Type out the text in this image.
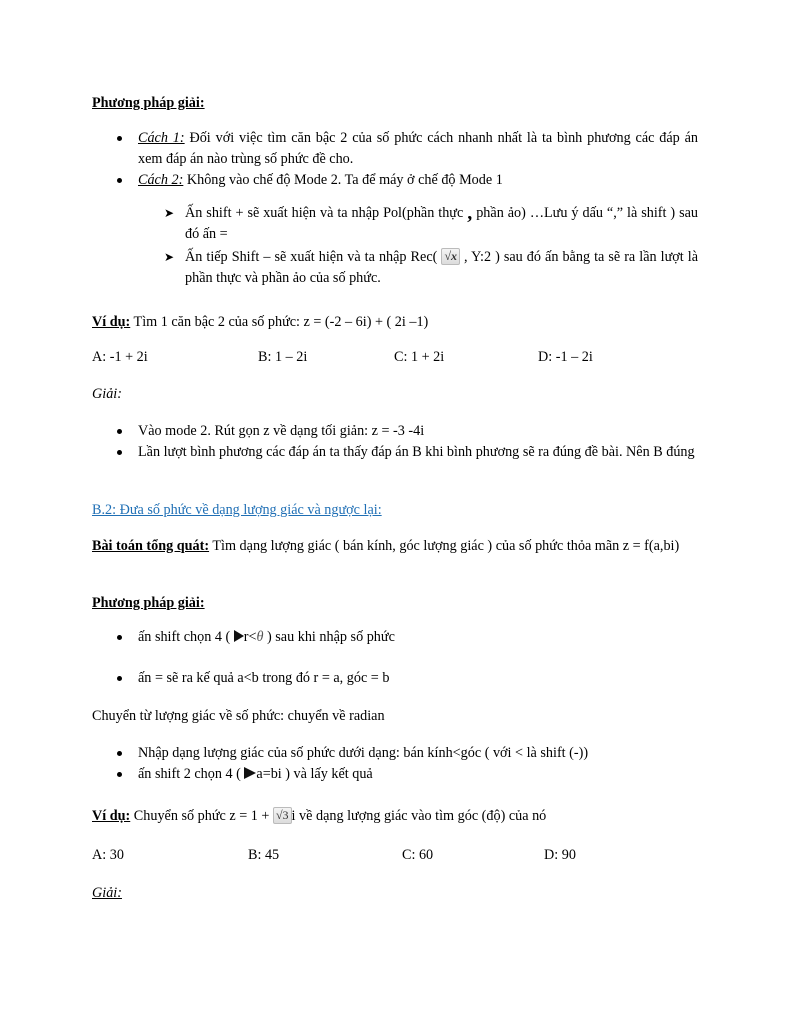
Phương pháp giải:
Cách 1: Đối với việc tìm căn bậc 2 của số phức cách nhanh nhất là ta bình phương các đáp án xem đáp án nào trùng số phức đề cho.
Cách 2: Không vào chế độ Mode 2. Ta để máy ở chế độ Mode 1
➤ Ấn shift + sẽ xuất hiện và ta nhập Pol(phần thực , phần ảo) …Lưu ý dấu “,” là shift ) sau đó ấn =
➤ Ấn tiếp Shift – sẽ xuất hiện và ta nhập Rec( √x , Y:2 ) sau đó ấn bằng ta sẽ ra lần lượt là phần thực và phần ảo của số phức.
Ví dụ: Tìm 1 căn bậc 2 của số phức: z = (-2 – 6i) + ( 2i –1)
A: -1 + 2i	B: 1 – 2i	C: 1 + 2i	D: -1 – 2i
Giải:
Vào mode 2. Rút gọn z về dạng tối giản: z = -3 -4i
Lần lượt bình phương các đáp án ta thấy đáp án B khi bình phương sẽ ra đúng đề bài. Nên B đúng
B.2: Đưa số phức về dạng lượng giác và ngược lại:
Bài toán tổng quát: Tìm dạng lượng giác ( bán kính, góc lượng giác ) của số phức thỏa mãn z = f(a,bi)
Phương pháp giải:
ấn shift chọn 4 ( r<θ ) sau khi nhập số phức
ấn = sẽ ra kế quả a<b trong đó r = a, góc = b
Chuyển từ lượng giác về số phức: chuyển về radian
Nhập dạng lượng giác của số phức dưới dạng: bán kính<góc ( với < là shift (-))
ấn shift 2 chọn 4 ( a=bi ) và lấy kết quả
Ví dụ: Chuyển số phức z = 1 + √3 i về dạng lượng giác vào tìm góc (độ) của nó
A: 30	B: 45	C: 60	D: 90
Giải:
